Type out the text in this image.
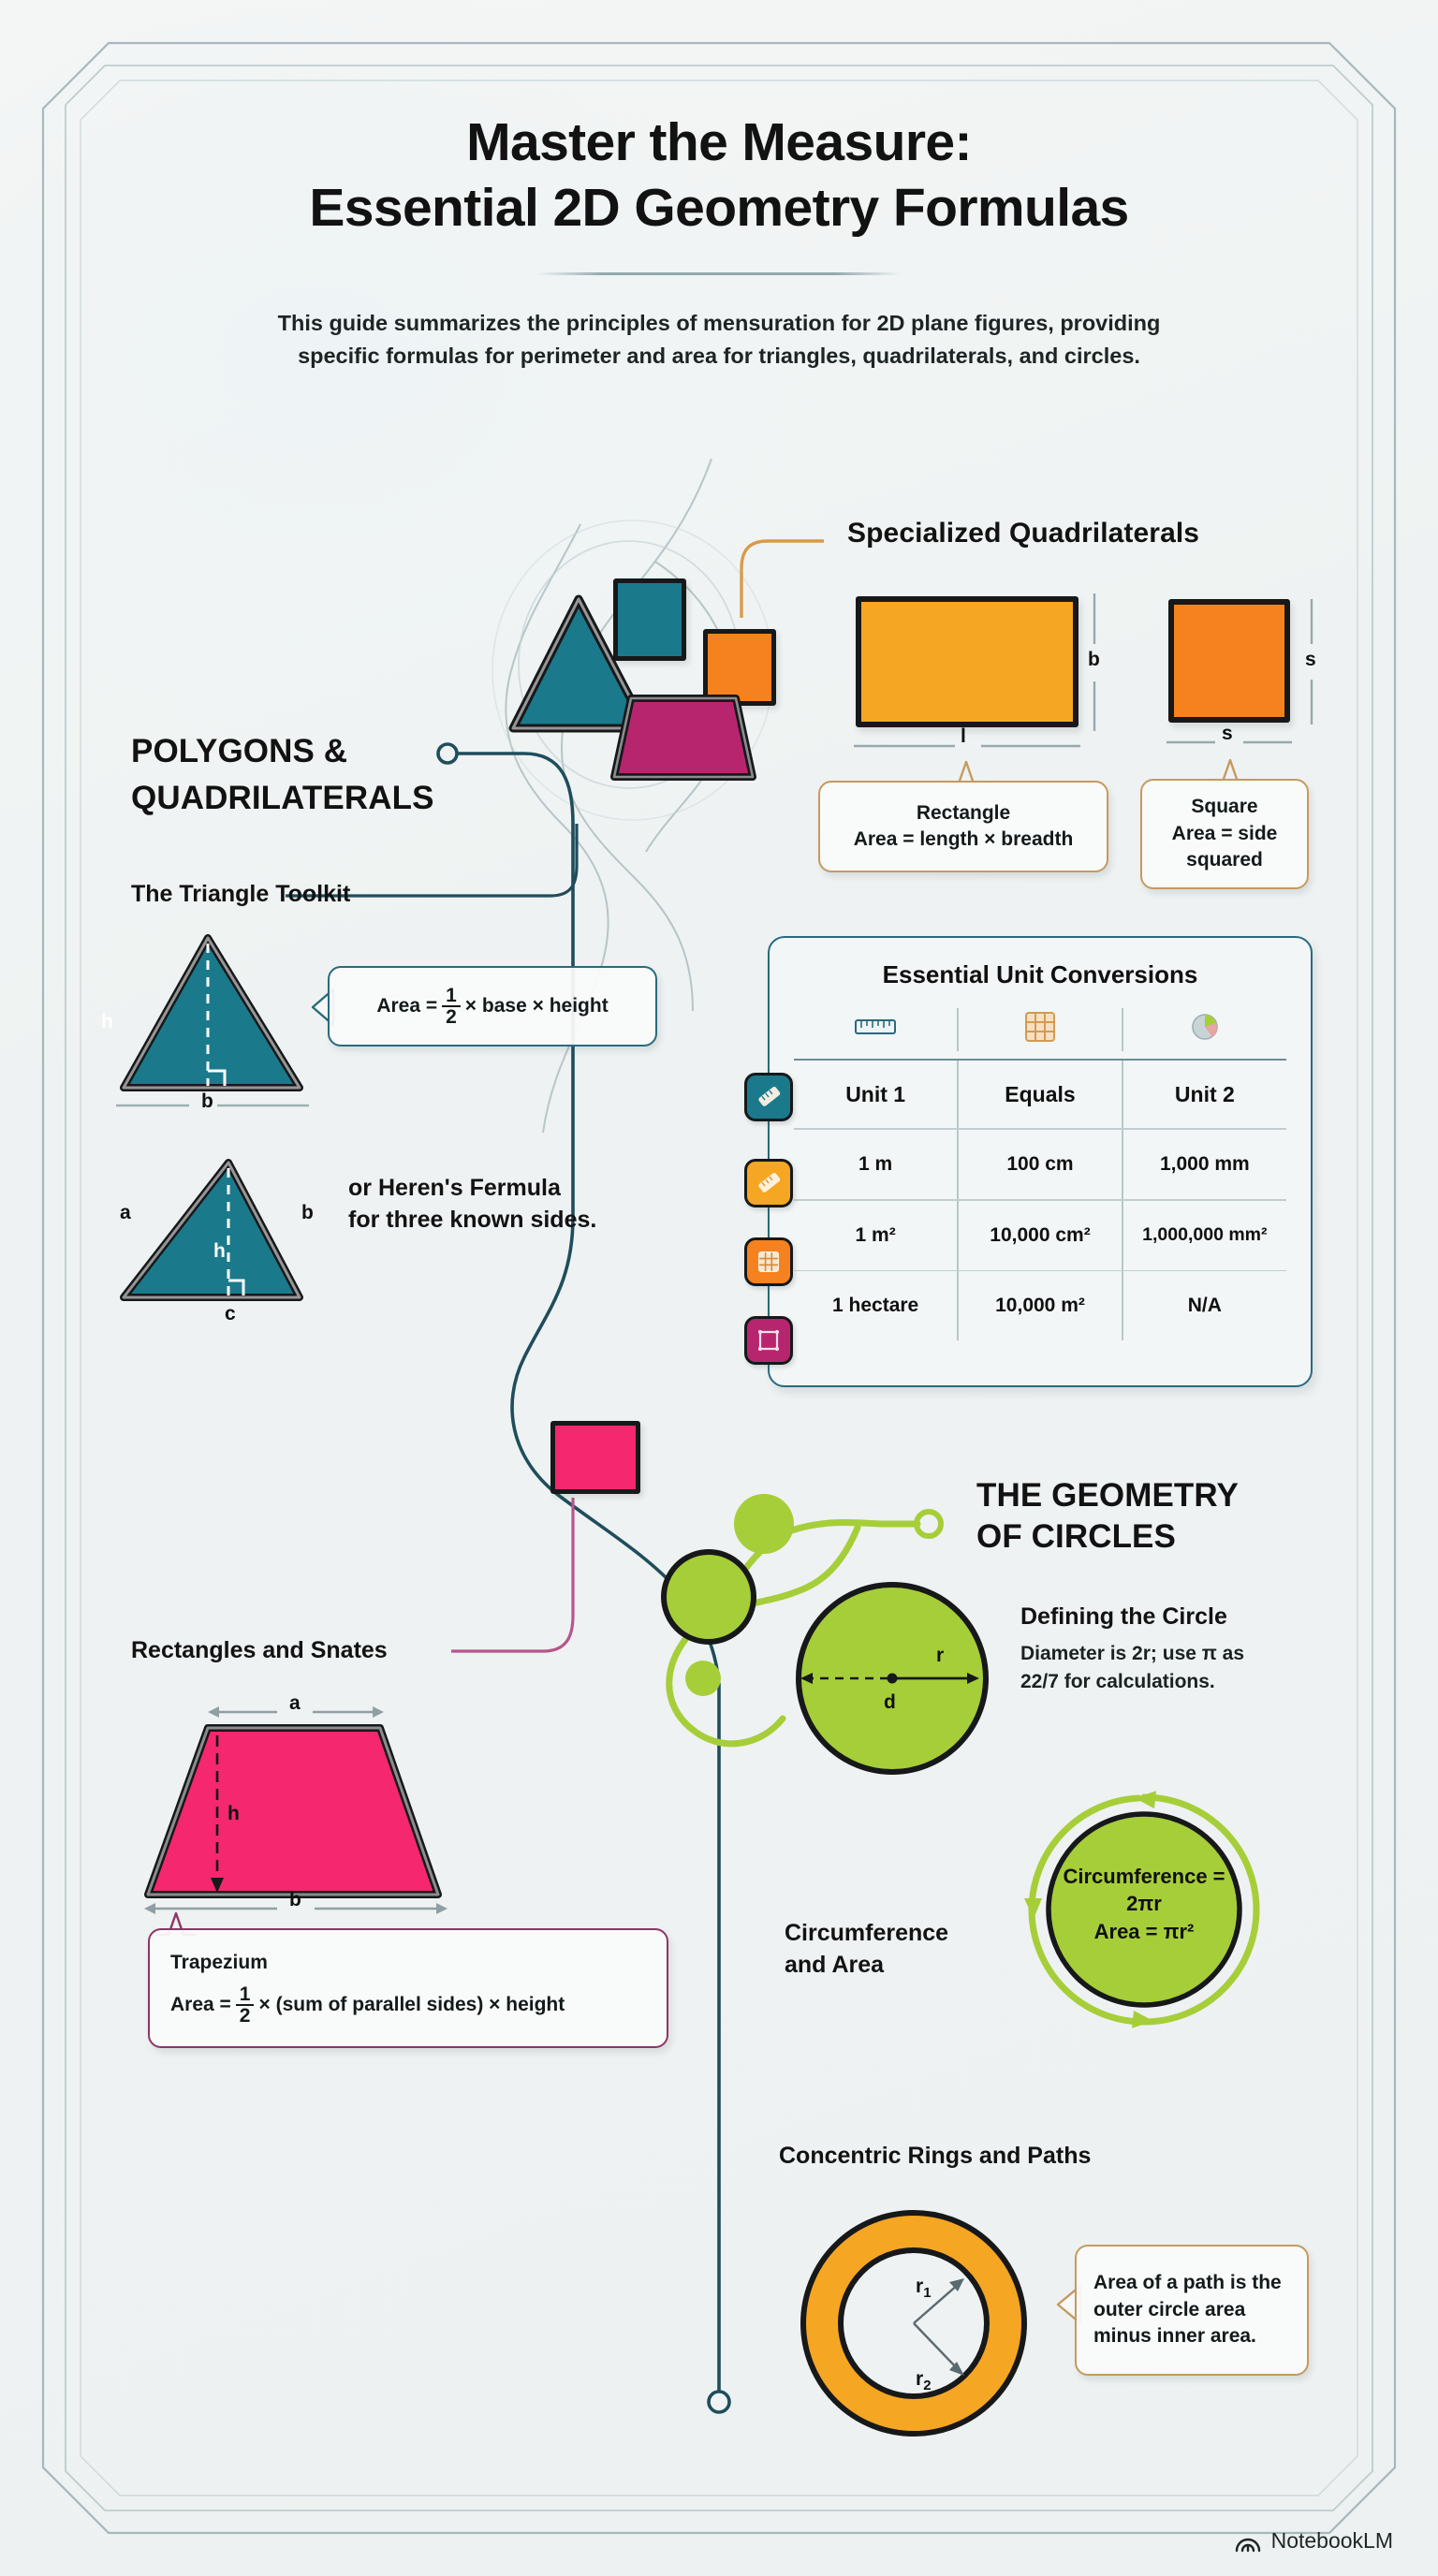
Master the Measure:
Essential 2D Geometry Formulas
This guide summarizes the principles of mensuration for 2D plane figures, providing specific formulas for perimeter and area for triangles, quadrilaterals, and circles.
Specialized Quadrilaterals
b
l
Rectangle
Area = length × breadth
s
s
Square
Area = side
squared
POLYGONS &
QUADRILATERALS
The Triangle Toolkit
h
b
Area = $\frac{1}{2}$ × base × height
a	b
h
c
or Heren's Fermula
for three known sides.
Essential Unit Conversions
Unit 1	Equals	Unit 2
1 m	100 cm	1,000 mm
1 m²	10,000 cm²	1,000,000 mm²
1 hectare	10,000 m²	N/A
THE GEOMETRY
OF CIRCLES
Defining the Circle
Diameter is 2r; use π as 22/7 for calculations.
r
d
Circumference
and Area
Circumference =
2πr
Area = πr²
Concentric Rings and Paths
$r_1$
$r_2$
Area of a path is the outer circle area minus inner area.
Rectangles and Snates
a
h
b
Trapezium
Area = $\frac{1}{2} \times (sum$ of parallel sides) × height
NotebookLM
